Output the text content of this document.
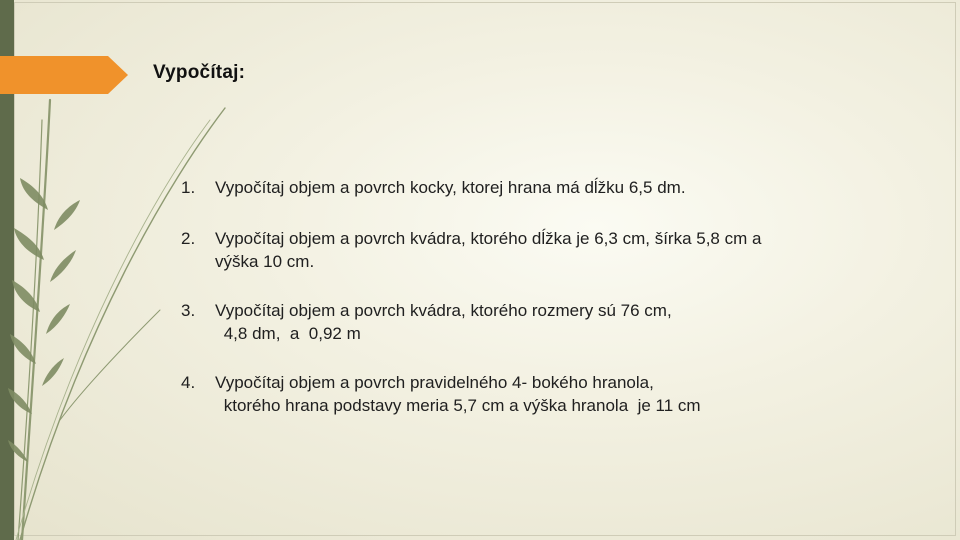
Vypočítaj:
1. Vypočítaj objem a povrch kocky, ktorej hrana má dĺžku 6,5 dm.
2. Vypočítaj objem a povrch kvádra, ktorého dĺžka je 6,3 cm, šírka 5,8 cm a
výška 10 cm.
3. Vypočítaj objem a povrch kvádra, ktorého rozmery sú 76 cm,
4,8 dm,  a  0,92 m
4. Vypočítaj objem a povrch pravidelného 4- bokého hranola,
ktorého hrana podstavy meria 5,7 cm a výška hranola  je 11 cm
